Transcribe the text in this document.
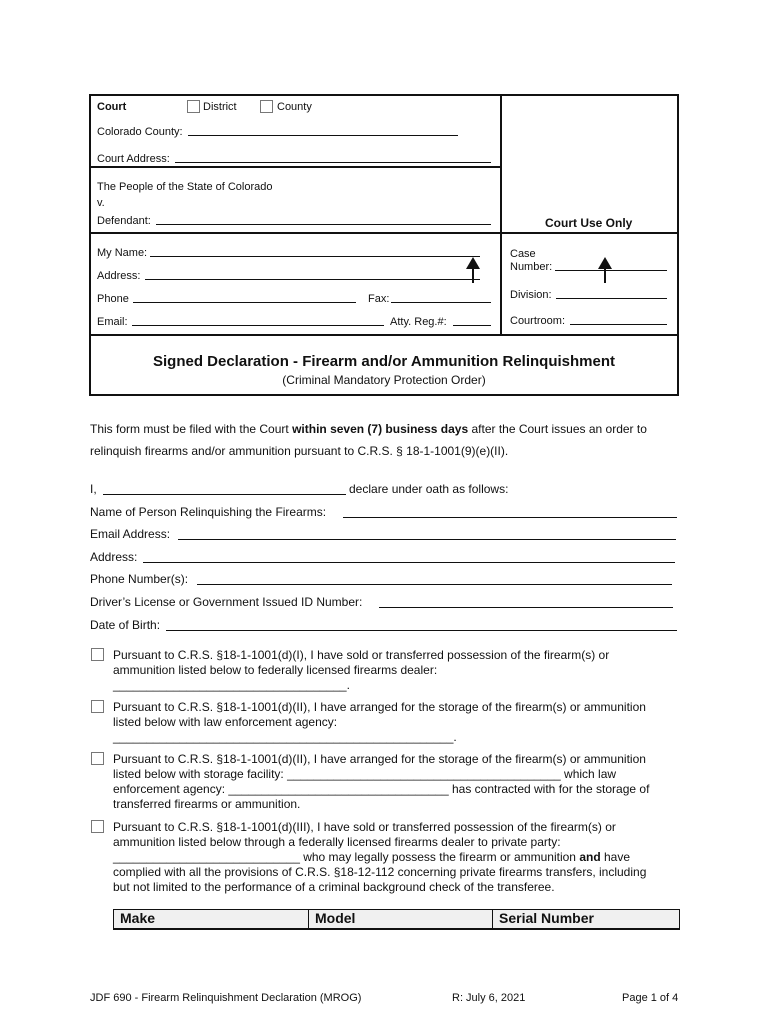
Court	District	County
Colorado County:
Court Address:
The People of the State of Colorado
v.
Defendant:	Court Use Only
My Name:
Address:
Phone	Fax:
Email:	Atty. Reg.#:
Case
Number:
Division:
Courtroom:
Signed Declaration - Firearm and/or Ammunition Relinquishment
(Criminal Mandatory Protection Order)
This form must be filed with the Court within seven (7) business days after the Court issues an order to
relinquish firearms and/or ammunition pursuant to C.R.S. § 18-1-1001(9)(e)(II).
I,	declare under oath as follows:
Name of Person Relinquishing the Firearms:
Email Address:
Address:
Phone Number(s):
Driver’s License or Government Issued ID Number:
Date of Birth:
Pursuant to C.R.S. §18-1-1001(d)(I), I have sold or transferred possession of the firearm(s) or
ammunition listed below to federally licensed firearms dealer:
___________________________________.
Pursuant to C.R.S. §18-1-1001(d)(II), I have arranged for the storage of the firearm(s) or ammunition
listed below with law enforcement agency:
___________________________________________________.
Pursuant to C.R.S. §18-1-1001(d)(II), I have arranged for the storage of the firearm(s) or ammunition
listed below with storage facility: _________________________________________ which law
enforcement agency: _________________________________ has contracted with for the storage of
transferred firearms or ammunition.
Pursuant to C.R.S. §18-1-1001(d)(III), I have sold or transferred possession of the firearm(s) or
ammunition listed below through a federally licensed firearms dealer to private party:
____________________________ who may legally possess the firearm or ammunition and have
complied with all the provisions of C.R.S. §18-12-112 concerning private firearms transfers, including
but not limited to the performance of a criminal background check of the transferee.
Make	Model	Serial Number
JDF 690 - Firearm Relinquishment Declaration (MROG)	R: July 6, 2021	Page 1 of 4
